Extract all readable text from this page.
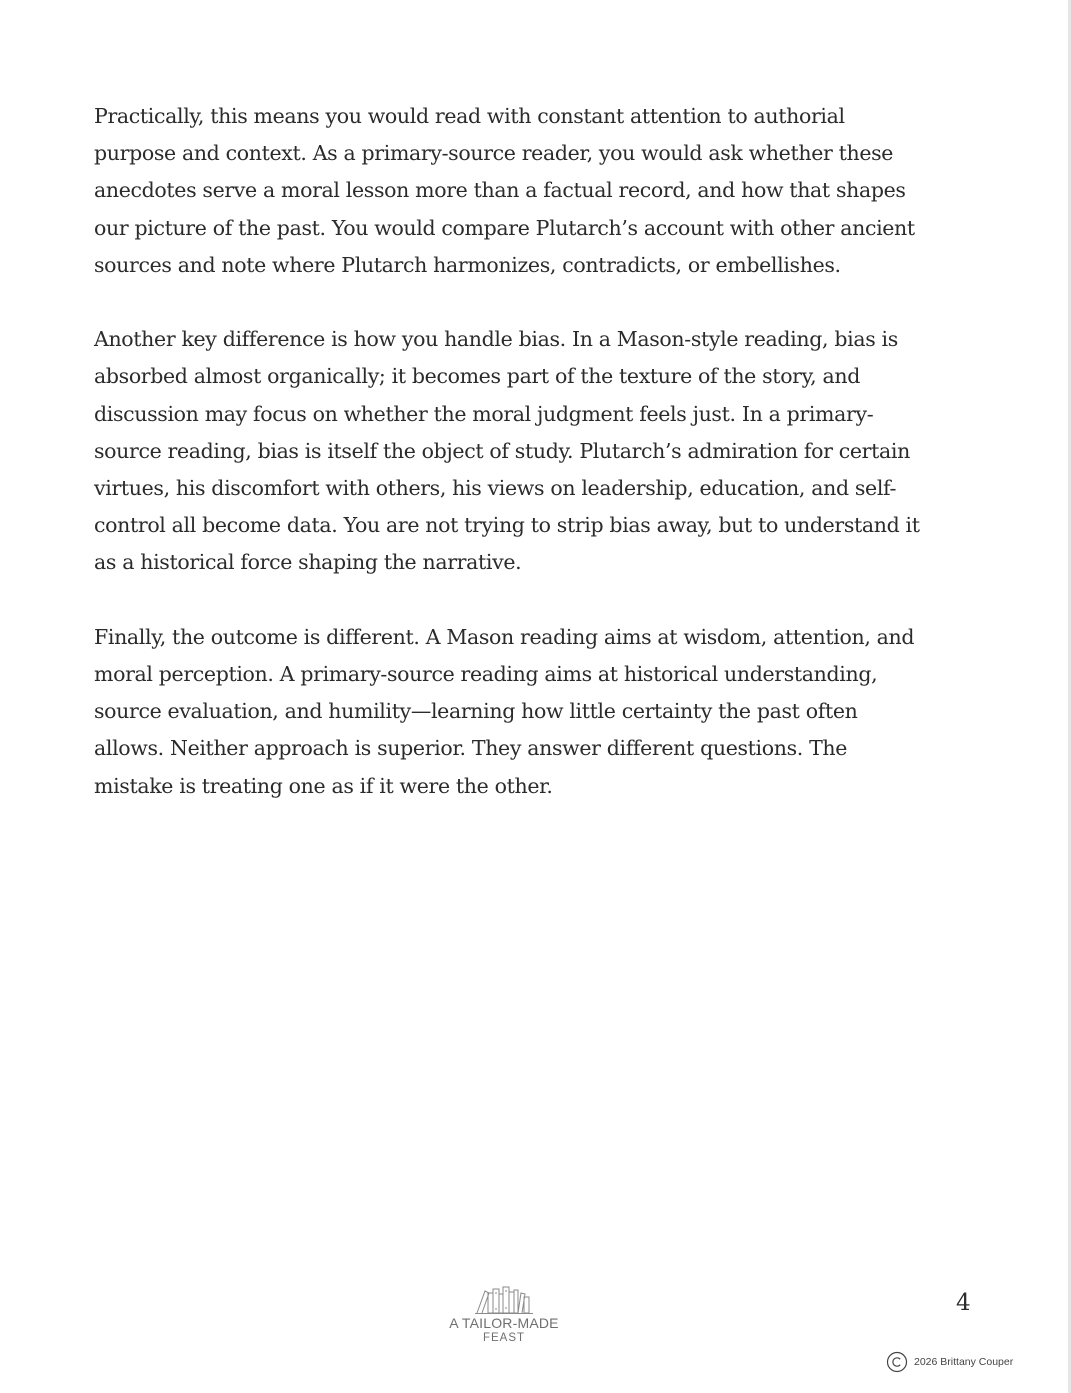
Practically, this means you would read with constant attention to authorial
purpose and context. As a primary-source reader, you would ask whether these
anecdotes serve a moral lesson more than a factual record, and how that shapes
our picture of the past. You would compare Plutarch’s account with other ancient
sources and note where Plutarch harmonizes, contradicts, or embellishes.

Another key difference is how you handle bias. In a Mason-style reading, bias is
absorbed almost organically; it becomes part of the texture of the story, and
discussion may focus on whether the moral judgment feels just. In a primary-
source reading, bias is itself the object of study. Plutarch’s admiration for certain
virtues, his discomfort with others, his views on leadership, education, and self-
control all become data. You are not trying to strip bias away, but to understand it
as a historical force shaping the narrative.

Finally, the outcome is different. A Mason reading aims at wisdom, attention, and
moral perception. A primary-source reading aims at historical understanding,
source evaluation, and humility—learning how little certainty the past often
allows. Neither approach is superior. They answer different questions. The
mistake is treating one as if it were the other.

A TAILOR-MADE
FEAST
4
2026 Brittany Couper
